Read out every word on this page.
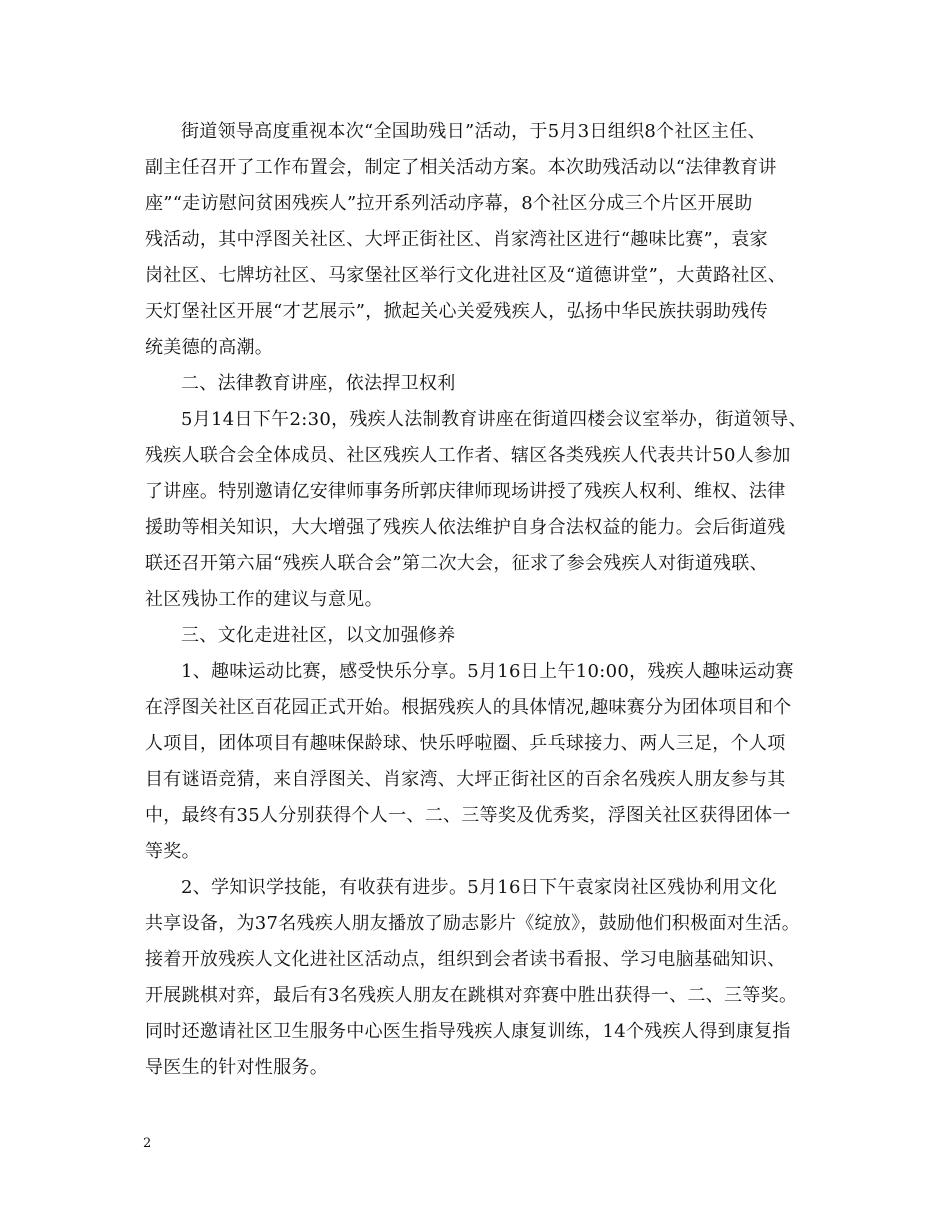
街道领导高度重视本次“全国助残日”活动，于5月3日组织8个社区主任、
副主任召开了工作布置会，制定了相关活动方案。本次助残活动以“法律教育讲
座”“走访慰问贫困残疾人”拉开系列活动序幕，8个社区分成三个片区开展助
残活动，其中浮图关社区、大坪正街社区、肖家湾社区进行“趣味比赛”，袁家
岗社区、七牌坊社区、马家堡社区举行文化进社区及“道德讲堂”，大黄路社区、
天灯堡社区开展“才艺展示”，掀起关心关爱残疾人，弘扬中华民族扶弱助残传
统美德的高潮。
二、法律教育讲座，依法捍卫权利
5月14日下午2:30，残疾人法制教育讲座在街道四楼会议室举办，街道领导、
残疾人联合会全体成员、社区残疾人工作者、辖区各类残疾人代表共计50人参加
了讲座。特别邀请亿安律师事务所郭庆律师现场讲授了残疾人权利、维权、法律
援助等相关知识，大大增强了残疾人依法维护自身合法权益的能力。会后街道残
联还召开第六届“残疾人联合会”第二次大会，征求了参会残疾人对街道残联、
社区残协工作的建议与意见。
三、文化走进社区，以文加强修养
1、趣味运动比赛，感受快乐分享。5月16日上午10:00，残疾人趣味运动赛
在浮图关社区百花园正式开始。根据残疾人的具体情况,趣味赛分为团体项目和个
人项目，团体项目有趣味保龄球、快乐呼啦圈、乒乓球接力、两人三足，个人项
目有谜语竞猜，来自浮图关、肖家湾、大坪正街社区的百余名残疾人朋友参与其
中，最终有35人分别获得个人一、二、三等奖及优秀奖，浮图关社区获得团体一
等奖。
2、学知识学技能，有收获有进步。5月16日下午袁家岗社区残协利用文化
共享设备，为37名残疾人朋友播放了励志影片《绽放》，鼓励他们积极面对生活。
接着开放残疾人文化进社区活动点，组织到会者读书看报、学习电脑基础知识、
开展跳棋对弈，最后有3名残疾人朋友在跳棋对弈赛中胜出获得一、二、三等奖。
同时还邀请社区卫生服务中心医生指导残疾人康复训练，14个残疾人得到康复指
导医生的针对性服务。
2
